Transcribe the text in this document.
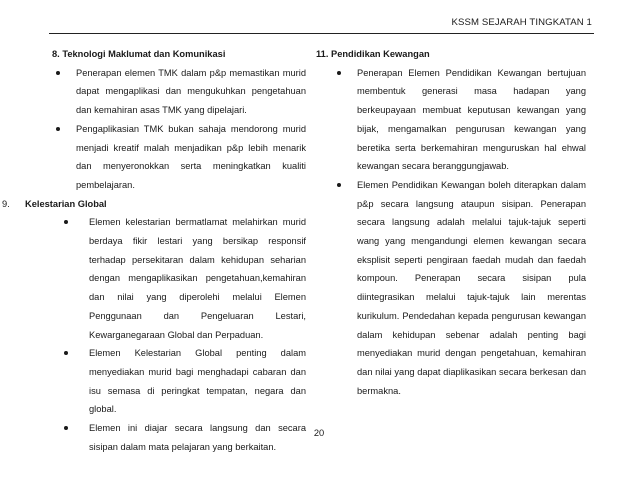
KSSM SEJARAH TINGKATAN 1
8. Teknologi Maklumat dan Komunikasi
Penerapan elemen TMK dalam p&p memastikan murid dapat mengaplikasi dan mengukuhkan pengetahuan dan kemahiran asas TMK yang dipelajari.
Pengaplikasian TMK bukan sahaja mendorong murid menjadi kreatif malah menjadikan p&p lebih menarik dan menyeronokkan serta meningkatkan kualiti pembelajaran.
9. Kelestarian Global
Elemen kelestarian bermatlamat melahirkan murid berdaya fikir lestari yang bersikap responsif terhadap persekitaran dalam kehidupan seharian dengan mengaplikasikan pengetahuan,kemahiran dan nilai yang diperolehi melalui Elemen Penggunaan dan Pengeluaran Lestari, Kewarganegaraan Global dan Perpaduan.
Elemen Kelestarian Global penting dalam menyediakan murid bagi menghadapi cabaran dan isu semasa di peringkat tempatan, negara dan global.
Elemen ini diajar secara langsung dan secara sisipan dalam mata pelajaran yang berkaitan.
11. Pendidikan Kewangan
Penerapan Elemen Pendidikan Kewangan bertujuan membentuk generasi masa hadapan yang berkeupayaan membuat keputusan kewangan yang bijak, mengamalkan pengurusan kewangan yang beretika serta berkemahiran menguruskan hal ehwal kewangan secara beranggungjawab.
Elemen Pendidikan Kewangan boleh diterapkan dalam p&p secara langsung ataupun sisipan. Penerapan secara langsung adalah melalui tajuk-tajuk seperti wang yang mengandungi elemen kewangan secara eksplisit seperti pengiraan faedah mudah dan faedah kompoun. Penerapan secara sisipan pula diintegrasikan melalui tajuk-tajuk lain merentas kurikulum. Pendedahan kepada pengurusan kewangan dalam kehidupan sebenar adalah penting bagi menyediakan murid dengan pengetahuan, kemahiran dan nilai yang dapat diaplikasikan secara berkesan dan bermakna.
20
